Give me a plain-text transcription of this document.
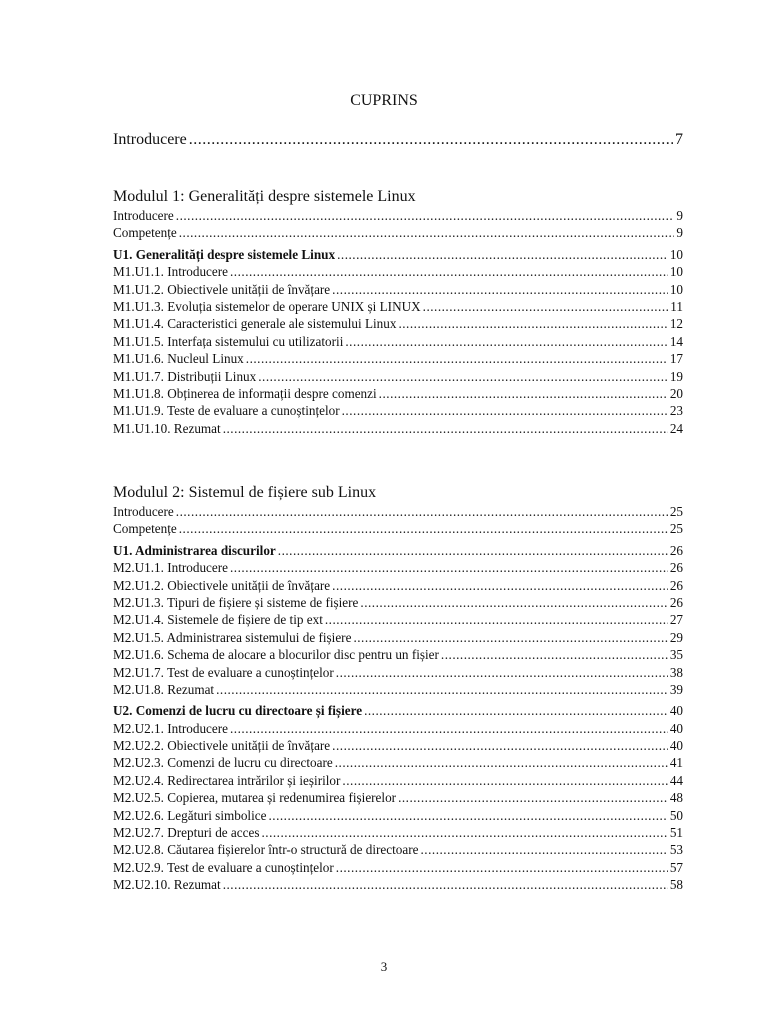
CUPRINS
Introducere .....	7
Modulul 1: Generalități despre sistemele Linux
Introducere .....	9
Competențe .....	9
U1. Generalități despre sistemele Linux .....	10
M1.U1.1. Introducere .....	10
M1.U1.2. Obiectivele unității de învățare .....	10
M1.U1.3. Evoluția sistemelor de operare UNIX și LINUX .....	11
M1.U1.4. Caracteristici generale ale sistemului Linux .....	12
M1.U1.5. Interfața sistemului cu utilizatorii .....	14
M1.U1.6. Nucleul Linux .....	17
M1.U1.7. Distribuții Linux .....	19
M1.U1.8. Obținerea de informații despre comenzi .....	20
M1.U1.9. Teste de evaluare a cunoștințelor .....	23
M1.U1.10. Rezumat .....	24
Modulul 2: Sistemul de fișiere sub Linux
Introducere .....	25
Competențe .....	25
U1. Administrarea discurilor .....	26
M2.U1.1. Introducere .....	26
M2.U1.2. Obiectivele unității de învățare .....	26
M2.U1.3. Tipuri de fișiere și sisteme de fișiere .....	26
M2.U1.4. Sistemele de fișiere de tip ext .....	27
M2.U1.5. Administrarea sistemului de fișiere .....	29
M2.U1.6. Schema de alocare a blocurilor disc pentru un fișier .....	35
M2.U1.7. Test de evaluare a cunoștințelor .....	38
M2.U1.8. Rezumat .....	39
U2. Comenzi de lucru cu directoare și fișiere .....	40
M2.U2.1. Introducere .....	40
M2.U2.2. Obiectivele unității de învățare .....	40
M2.U2.3. Comenzi de lucru cu directoare .....	41
M2.U2.4. Redirectarea intrărilor și ieșirilor .....	44
M2.U2.5. Copierea, mutarea și redenumirea fișierelor .....	48
M2.U2.6. Legături simbolice .....	50
M2.U2.7. Drepturi de acces .....	51
M2.U2.8. Căutarea fișierelor într-o structură de directoare .....	53
M2.U2.9. Test de evaluare a cunoștințelor .....	57
M2.U2.10. Rezumat .....	58
3
